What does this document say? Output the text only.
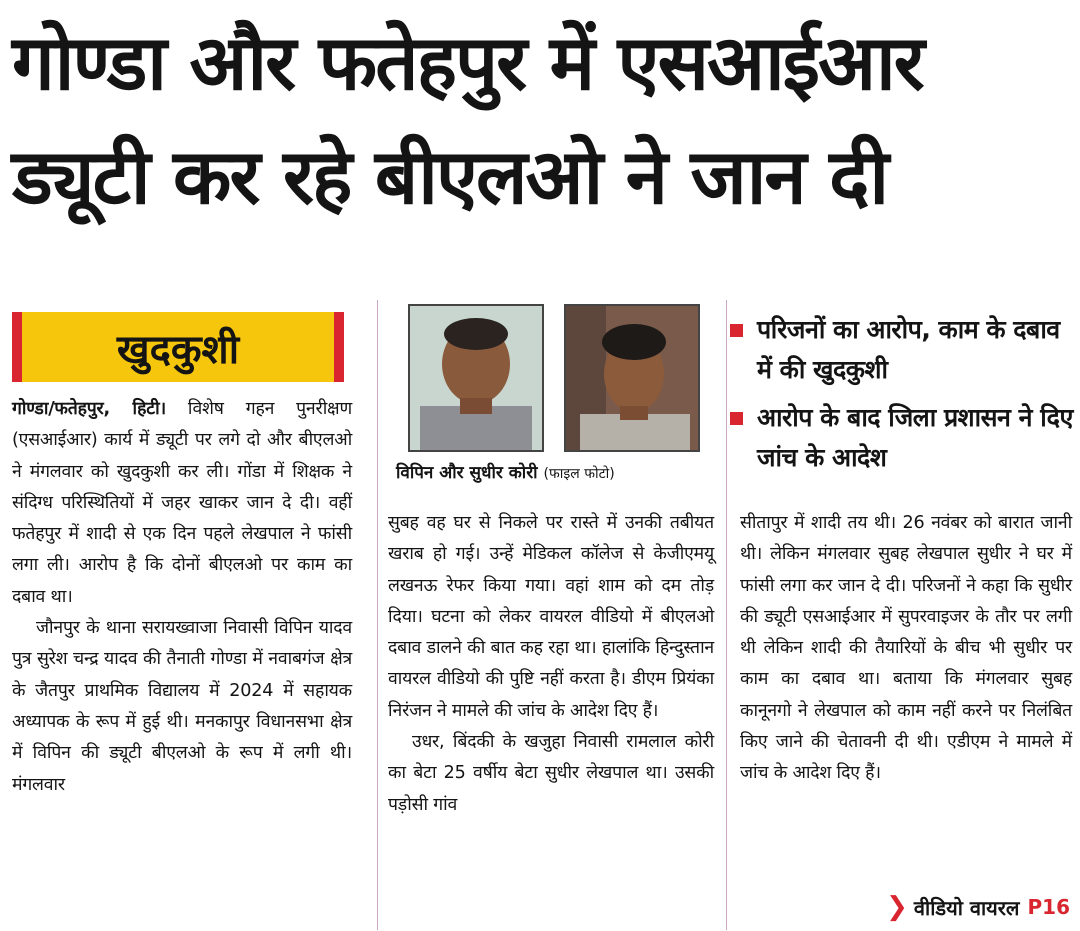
गोण्डा और फतेहपुर में एसआईआर
ड्यूटी कर रहे बीएलओ ने जान दी
खुदकुशी

गोण्डा/फतेहपुर, हिटी। विशेष गहन पुनरीक्षण (एसआईआर) कार्य में ड्यूटी पर लगे दो और बीएलओ ने मंगलवार को खुदकुशी कर ली। गोंडा में शिक्षक ने संदिग्ध परिस्थितियों में जहर खाकर जान दे दी। वहीं फतेहपुर में शादी से एक दिन पहले लेखपाल ने फांसी लगा ली। आरोप है कि दोनों बीएलओ पर काम का दबाव था।

जौनपुर के थाना सरायख्वाजा निवासी विपिन यादव पुत्र सुरेश चन्द्र यादव की तैनाती गोण्डा में नवाबगंज क्षेत्र के जैतपुर प्राथमिक विद्यालय में 2024 में सहायक अध्यापक के रूप में हुई थी। मनकापुर विधानसभा क्षेत्र में विपिन की ड्यूटी बीएलओ के रूप में लगी थी। मंगलवार

विपिन और सुधीर कोरी (फाइल फोटो)

सुबह वह घर से निकले पर रास्ते में उनकी तबीयत खराब हो गई। उन्हें मेडिकल कॉलेज से केजीएमयू लखनऊ रेफर किया गया। वहां शाम को दम तोड़ दिया। घटना को लेकर वायरल वीडियो में बीएलओ दबाव डालने की बात कह रहा था। हालांकि हिन्दुस्तान वायरल वीडियो की पुष्टि नहीं करता है। डीएम प्रियंका निरंजन ने मामले की जांच के आदेश दिए हैं।

उधर, बिंदकी के खजुहा निवासी रामलाल कोरी का बेटा 25 वर्षीय बेटा सुधीर लेखपाल था। उसकी पड़ोसी गांव

परिजनों का आरोप, काम के दबाव में की खुदकुशी
आरोप के बाद जिला प्रशासन ने दिए जांच के आदेश

सीतापुर में शादी तय थी। 26 नवंबर को बारात जानी थी। लेकिन मंगलवार सुबह लेखपाल सुधीर ने घर में फांसी लगा कर जान दे दी। परिजनों ने कहा कि सुधीर की ड्यूटी एसआईआर में सुपरवाइजर के तौर पर लगी थी लेकिन शादी की तैयारियों के बीच भी सुधीर पर काम का दबाव था। बताया कि मंगलवार सुबह कानूनगो ने लेखपाल को काम नहीं करने पर निलंबित किए जाने की चेतावनी दी थी। एडीएम ने मामले में जांच के आदेश दिए हैं।

❯ वीडियो वायरल P16
